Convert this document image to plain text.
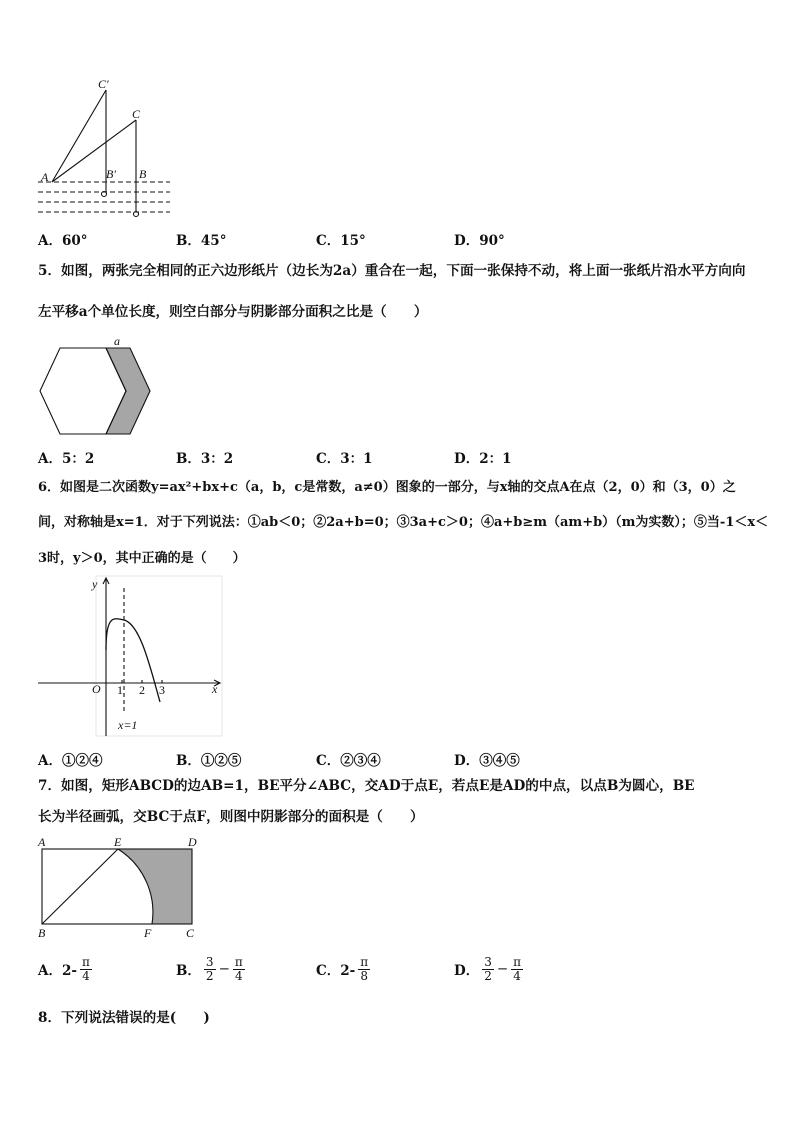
C′
C
A	B′ B
A．60°	B．45°	C．15°	D．90°
5．如图，两张完全相同的正六边形纸片（边长为2a）重合在一起，下面一张保持不动，将上面一张纸片沿水平方向向
左平移a个单位长度，则空白部分与阴影部分面积之比是（　　）
a
A．5：2	B．3：2	C．3：1	D．2：1
6．如图是二次函数y=ax²+bx+c（a，b，c是常数，a≠0）图象的一部分，与x轴的交点A在点（2，0）和（3，0）之
间，对称轴是x=1．对于下列说法：①ab＜0；②2a+b=0；③3a+c＞0；④a+b≥m（am+b）（m为实数）；⑤当-1＜x＜
3时，y＞0，其中正确的是（　　）
y
x
O 1 2 3
x=1
A．①②④	B．①②⑤	C．②③④	D．③④⑤
7．如图，矩形ABCD的边AB=1，BE平分∠ABC，交AD于点E，若点E是AD的中点，以点B为圆心，BE
长为半径画弧，交BC于点F，则图中阴影部分的面积是（　　）
A	E	D
B	F	C
A．$2- \frac{\pi}{4}$	B． $\frac{3}{2} - \frac{\pi}{4}$	C．$2- \frac{\pi}{8}$	D． $\frac{3}{2} - \frac{\pi}{4}$
8．下列说法错误的是(　　)
